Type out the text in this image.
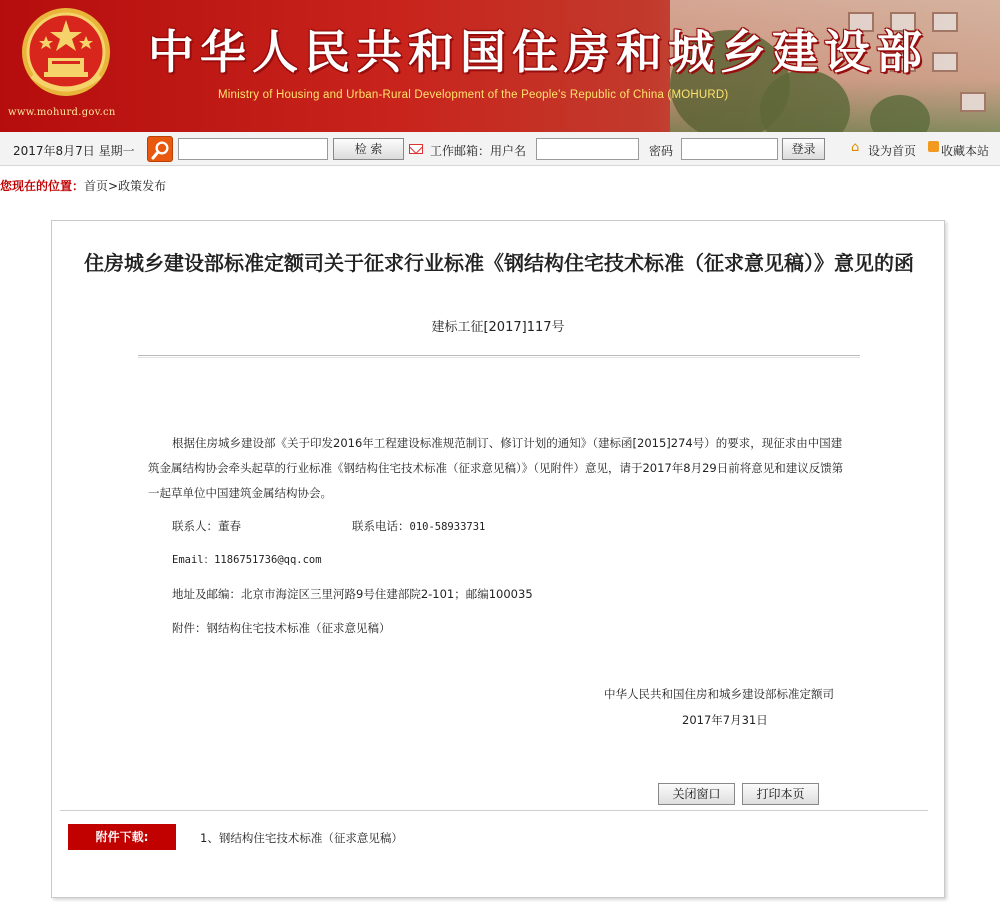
www.mohurd.gov.cn
中华人民共和国住房和城乡建设部
Ministry of Housing and Urban-Rural Development of the People's Republic of China (MOHURD)
2017年8月7日 星期一	检 索	工作邮箱：用户名	密码	登录	⌂ 设为首页 收藏本站
您现在的位置：首页>政策发布
住房城乡建设部标准定额司关于征求行业标准《钢结构住宅技术标准（征求意见稿）》意见的函
建标工征[2017]117号
根据住房城乡建设部《关于印发2016年工程建设标准规范制订、修订计划的通知》（建标函[2015]274号）的要求，现征求由中国建筑金属结构协会牵头起草的行业标准《钢结构住宅技术标准（征求意见稿）》（见附件）意见，请于2017年8月29日前将意见和建议反馈第一起草单位中国建筑金属结构协会。
联系人：董春	联系电话：010-58933731
Email：1186751736@qq.com
地址及邮编：北京市海淀区三里河路9号住建部院2-101；邮编100035
附件：钢结构住宅技术标准（征求意见稿）
中华人民共和国住房和城乡建设部标准定额司
2017年7月31日
关闭窗口	打印本页
附件下载:	1、钢结构住宅技术标准（征求意见稿）
